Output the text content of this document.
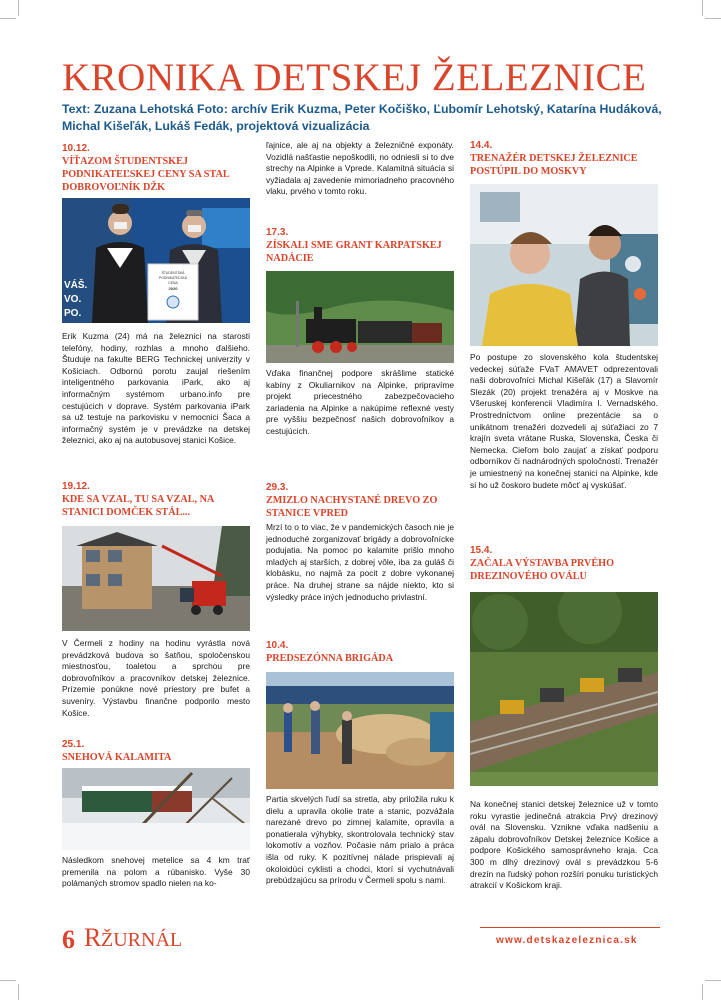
KRONIKA DETSKEJ ŽELEZNICE
Text: Zuzana Lehotská Foto: archív Erik Kuzma, Peter Kočiško, Ľubomír Lehotský, Katarína Hudáková, Michal Kišeľák, Lukáš Fedák, projektová vizualizácia
10.12.
VÍŤAZOM ŠTUDENTSKEJ PODNIKATEĽSKEJ CENY SA STAL DOBROVOĽNÍK DŽK
VÁŠ.
VO.
PO.
ŠTUDENTSKÁ
PODNIKATEĽSKÁ
CENA
2020
Erik Kuzma (24) má na železnici na starosti telefóny, hodiny, rozhlas a mnoho ďalšieho. Študuje na fakulte BERG Technickej univerzity v Košiciach. Odbornú porotu zaujal riešením inteligentného parkovania iPark, ako aj informačným systémom urbano.info pre cestujúcich v doprave. Systém parkovania iPark sa už testuje na parkovisku v nemocnici Šaca a informačný systém je v prevádzke na detskej železnici, ako aj na autobusovej stanici Košice.
19.12.
KDE SA VZAL, TU SA VZAL, NA STANICI DOMČEK STÁL...
V Čermeli z hodiny na hodinu vyrástla nová prevádzková budova so šatňou, spoločenskou miestnosťou, toaletou a sprchou pre dobrovoľníkov a pracovníkov detskej železnice. Prízemie ponúkne nové priestory pre bufet a suveníry. Výstavbu finančne podporilo mesto Košice.
25.1.
SNEHOVÁ KALAMITA
Následkom snehovej metelice sa 4 km trať premenila na polom a rúbanisko. Vyše 30 polámaných stromov spadlo nielen na ko-
ľajnice, ale aj na objekty a železničné exponáty. Vozidlá našťastie nepoškodili, no odniesli si to dve strechy na Alpinke a Vprede. Kalamitná situácia si vyžiadala aj zavedenie mimoriadneho pracovného vlaku, prvého v tomto roku.
17.3.
ZÍSKALI SME GRANT KARPATSKEJ NADÁCIE
Vďaka finančnej podpore skrášlime statické kabíny z Okuliarnikov na Alpinke, pripravíme projekt priecestného zabezpečovacieho zariadenia na Alpinke a nakúpime reflexné vesty pre vyššiu bezpečnosť našich dobrovoľníkov a cestujúcich.
29.3.
ZMIZLO NACHYSTANÉ DREVO ZO STANICE VPRED
Mrzí to o to viac, že v pandemických časoch nie je jednoduché zorganizovať brigády a dobrovoľnícke podujatia. Na pomoc po kalamite prišlo mnoho mladých aj starších, z dobrej vôle, iba za guláš či klobásku, no najmä za pocit z dobre vykonanej práce. Na druhej strane sa nájde niekto, kto si výsledky práce iných jednoducho privlastní.
10.4.
PREDSEZÓNNA BRIGÁDA
Partia skvelých ľudí sa stretla, aby priložila ruku k dielu a upravila okolie trate a stanic, pozvážala narezané drevo po zimnej kalamite, opravila a ponatierala výhybky, skontrolovala technický stav lokomotív a vozňov. Počasie nám prialo a práca išla od ruky. K pozitívnej nálade prispievali aj okoloidúci cyklisti a chodci, ktorí si vychutnávali prebúdzajúcu sa prírodu v Čermeli spolu s nami.
14.4.
TRENAŽÉR DETSKEJ ŽELEZNICE POSTÚPIL DO MOSKVY
Po postupe zo slovenského kola študentskej vedeckej súťaže FVaT AMAVET odprezentovali naši dobrovoľníci Michal Kišeľák (17) a Slavomír Slezák (20) projekt trenažéra aj v Moskve na Všeruskej konferencii Vladimíra I. Vernadského. Prostredníctvom online prezentácie sa o unikátnom trenažéri dozvedeli aj súťažiaci zo 7 krajín sveta vrátane Ruska, Slovenska, Česka či Nemecka. Cieľom bolo zaujať a získať podporu odborníkov či nadnárodných spoločností. Trenažér je umiestnený na konečnej stanici na Alpinke, kde si ho už čoskoro budete môcť aj vyskúšať.
15.4.
ZAČALA VÝSTAVBA PRVÉHO DREZINOVÉHO OVÁLU
Na konečnej stanici detskej železnice už v tomto roku vyrastie jedinečná atrakcia Prvý drezinový ovál na Slovensku. Vznikne vďaka nadšeniu a zápalu dobrovoľníkov Detskej železnice Košice a podpore Košického samosprávneho kraja. Cca 300 m dlhý drezinový ovál s prevádzkou 5-6 drezín na ľudský pohon rozšíri ponuku turistických atrakcií v Košickom kraji.
6 R ŽURNÁL	www.detskazeleznica.sk
